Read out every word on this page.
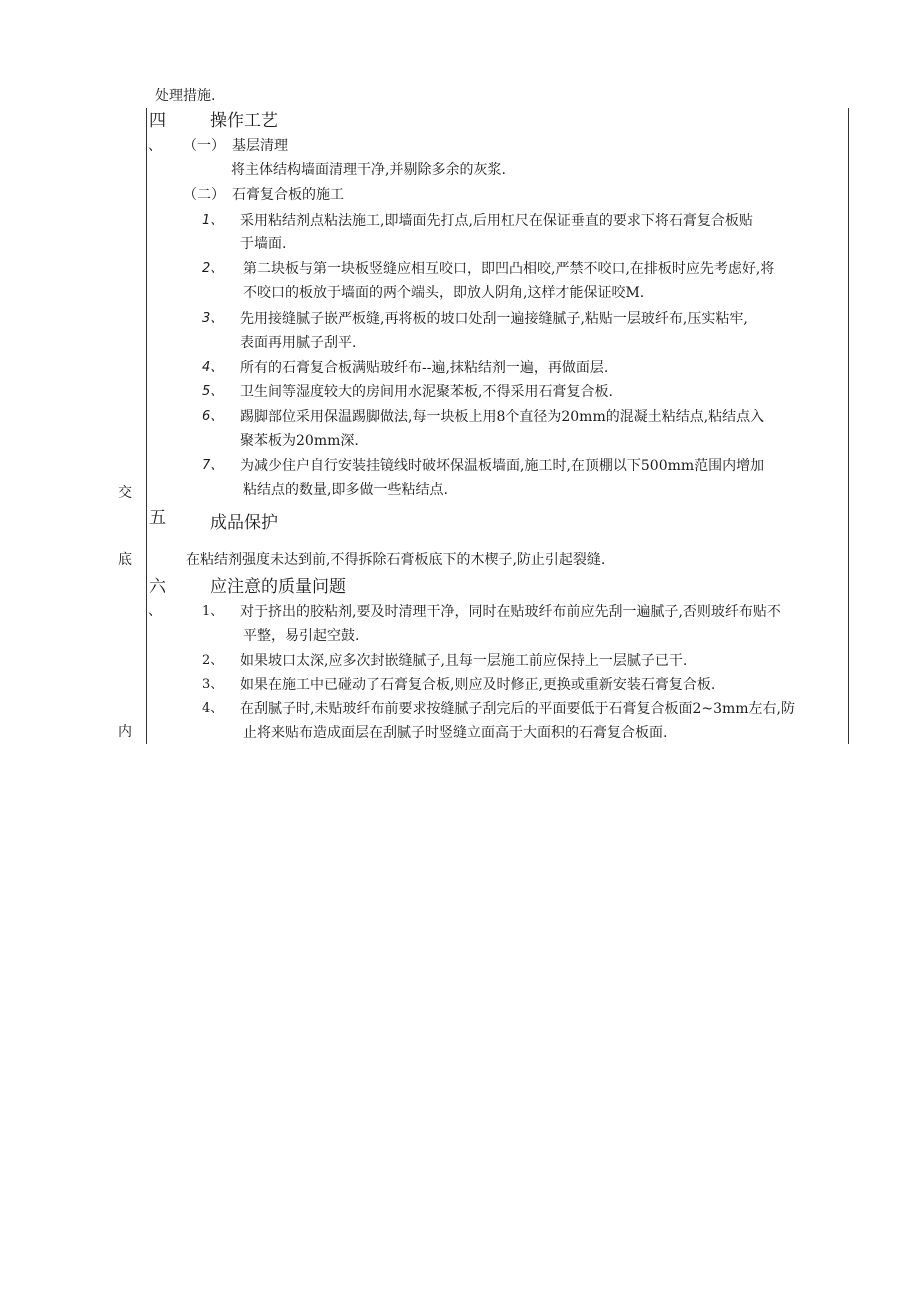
处理措施.
交
底
内
四
、
操作工艺
（一） 基层清理
将主体结构墙面清理干净,并剔除多余的灰浆.
（二） 石膏复合板的施工
1、 采用粘结剂点粘法施工,即墙面先打点,后用杠尺在保证垂直的要求下将石膏复合板贴
于墙面.
2、 第二块板与第一块板竖缝应相互咬口，即凹凸相咬,严禁不咬口,在排板时应先考虑好,将
不咬口的板放于墙面的两个端头，即放人阴角,这样才能保证咬M.
3、 先用接缝腻子嵌严板缝,再将板的坡口处刮一遍接缝腻子,粘贴一层玻纤布,压实粘牢,
表面再用腻子刮平.
4、 所有的石膏复合板满贴玻纤布--遍,抹粘结剂一遍，再做面层.
5、 卫生间等湿度较大的房间用水泥聚苯板,不得采用石膏复合板.
6、 踢脚部位采用保温踢脚做法,每一块板上用8个直径为20mm的混凝土粘结点,粘结点入
聚苯板为20mm深.
7、 为减少住户自行安装挂镜线时破坏保温板墙面,施工时,在顶棚以下500mm范围内增加
粘结点的数量,即多做一些粘结点.
五	成品保护
在粘结剂强度未达到前,不得拆除石膏板底下的木楔子,防止引起裂缝.
六
、
应注意的质量问题
1、 对于挤出的胶粘剂,要及时清理干净，同时在贴玻纤布前应先刮一遍腻子,否则玻纤布贴不
平整，易引起空鼓.
2、 如果坡口太深,应多次封嵌缝腻子,且每一层施工前应保持上一层腻子已干.
3、 如果在施工中已碰动了石膏复合板,则应及时修正,更换或重新安装石膏复合板.
4、 在刮腻子时,未贴玻纤布前要求按缝腻子刮完后的平面要低于石膏复合板面2~3mm左右,防
止将来贴布造成面层在刮腻子时竖缝立面高于大面积的石膏复合板面.
